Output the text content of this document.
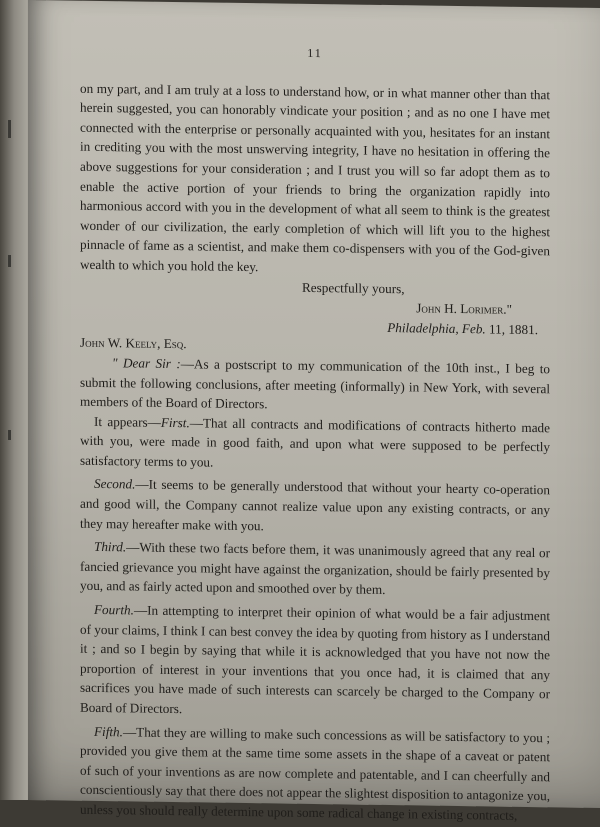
11

on my part, and I am truly at a loss to understand how, or in what manner other than that herein suggested, you can honorably vindicate your position ; and as no one I have met connected with the enterprise or personally acquainted with you, hesitates for an instant in crediting you with the most unswerving integrity, I have no hesitation in offering the above suggestions for your consideration ; and I trust you will so far adopt them as to enable the active portion of your friends to bring the organization rapidly into harmonious accord with you in the development of what all seem to think is the greatest wonder of our civilization, the early completion of which will lift you to the highest pinnacle of fame as a scientist, and make them co-dispensers with you of the God-given wealth to which you hold the key.

Respectfully yours,

John H. Lorimer."

Philadelphia, Feb. 11, 1881.

John W. Keely, Esq.

" Dear Sir :—As a postscript to my communication of the 10th inst., I beg to submit the following conclusions, after meeting (informally) in New York, with several members of the Board of Directors.

It appears—First.—That all contracts and modifications of contracts hitherto made with you, were made in good faith, and upon what were supposed to be perfectly satisfactory terms to you.

Second.—It seems to be generally understood that without your hearty co-operation and good will, the Company cannot realize value upon any existing contracts, or any they may hereafter make with you.

Third.—With these two facts before them, it was unanimously agreed that any real or fancied grievance you might have against the organization, should be fairly presented by you, and as fairly acted upon and smoothed over by them.

Fourth.—In attempting to interpret their opinion of what would be a fair adjustment of your claims, I think I can best convey the idea by quoting from history as I understand it ; and so I begin by saying that while it is acknowledged that you have not now the proportion of interest in your inventions that you once had, it is claimed that any sacrifices you have made of such interests can scarcely be charged to the Company or Board of Directors.

Fifth.—That they are willing to make such concessions as will be satisfactory to you ; provided you give them at the same time some assets in the shape of a caveat or patent of such of your inventions as are now complete and patentable, and I can cheerfully and conscientiously say that there does not appear the slightest disposition to antagonize you, unless you should really determine upon some radical change in existing contracts,
